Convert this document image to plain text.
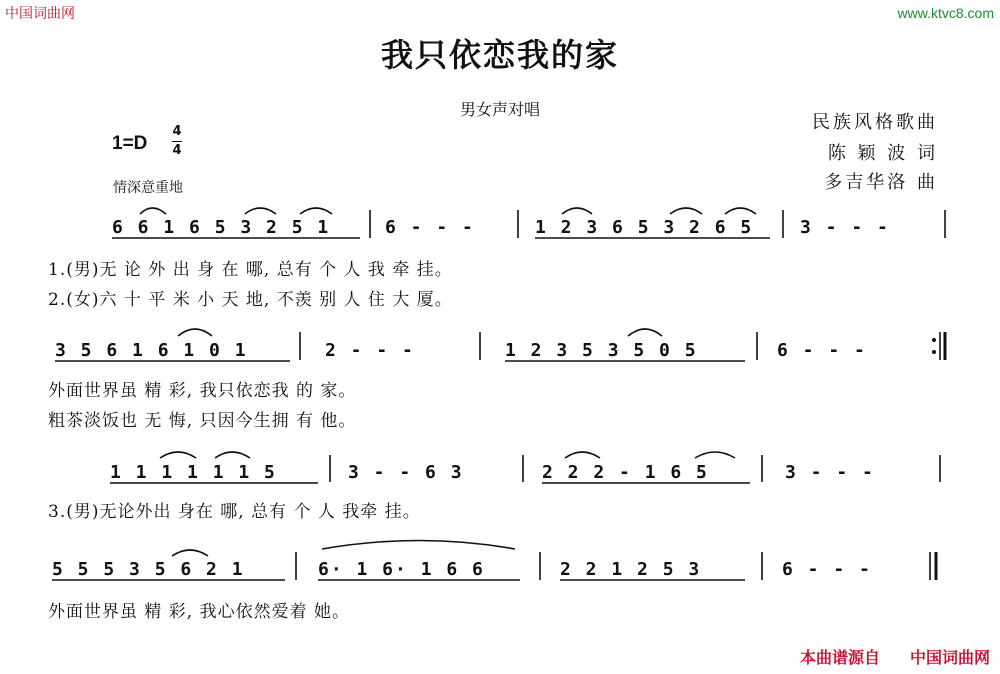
中国词曲网	www.ktvc8.com
我只依恋我的家
男女声对唱
民族风格歌曲
陈 颖 波 词
多吉华洛 曲
1=D
4
4
情深意重地
6 6 1 6 5 3 2 5 1	6 - - -	1 2 3 6 5 3 2 6 5	3 - - -
1.(男)无 论 外 出 身 在 哪, 总有 个 人 我 牵 挂。
2.(女)六 十 平 米 小 天 地, 不羡 别 人 住 大 厦。
3 5 6 1 6 1 0 1	2 - - -	1 2 3 5 3 5 0 5	6 - - -
外面世界虽 精 彩, 我只依恋我 的 家。
粗茶淡饭也 无 悔, 只因今生拥 有 他。
1 1 1 1 1 1 5	3 - - 6 3	2 2 2 - 1 6 5	3 - - -
3.(男)无论外出 身在 哪, 总有 个 人 我牵 挂。
5 5 5 3 5 6 2 1	6· 1 6· 1 6 6	2 2 1 2 5 3	6 - - -
外面世界虽 精 彩, 我心依然爱着 她。
本曲谱源自 中国词曲网
